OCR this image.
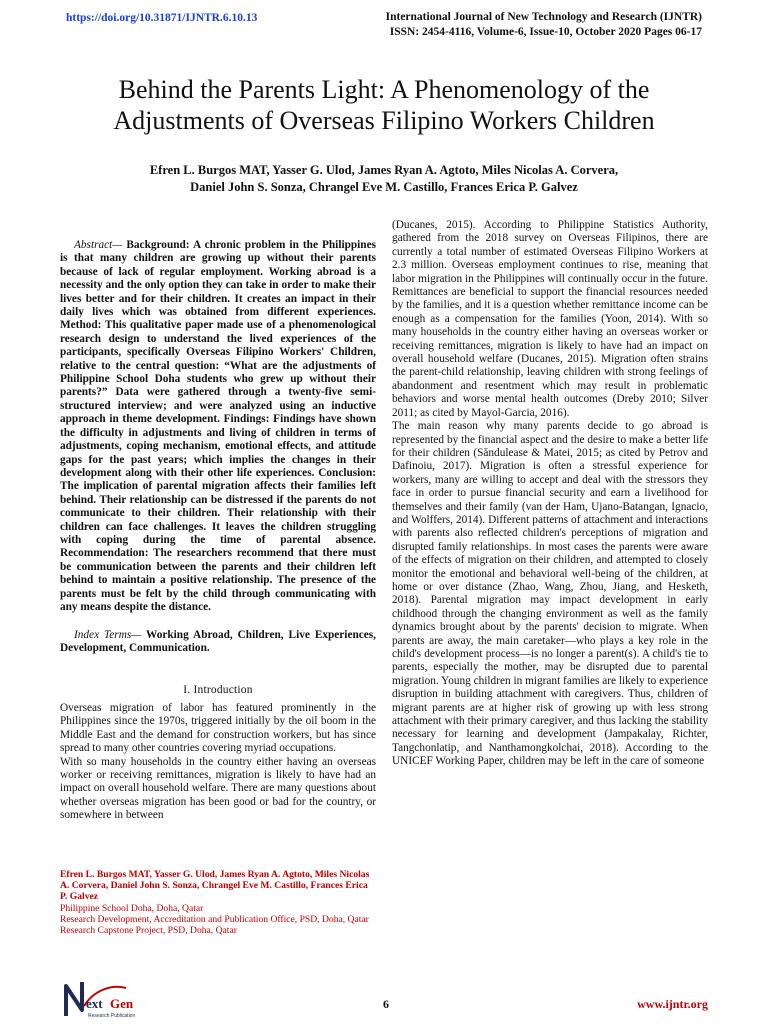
https://doi.org/10.31871/IJNTR.6.10.13	International Journal of New Technology and Research (IJNTR)
ISSN: 2454-4116, Volume-6, Issue-10, October 2020 Pages 06-17
Behind the Parents Light: A Phenomenology of the Adjustments of Overseas Filipino Workers Children
Efren L. Burgos MAT, Yasser G. Ulod, James Ryan A. Agtoto, Miles Nicolas A. Corvera,
Daniel John S. Sonza, Chrangel Eve M. Castillo, Frances Erica P. Galvez

Abstract— Background: A chronic problem in the Philippines is that many children are growing up without their parents because of lack of regular employment. Working abroad is a necessity and the only option they can take in order to make their lives better and for their children. It creates an impact in their daily lives which was obtained from different experiences. Method: This qualitative paper made use of a phenomenological research design to understand the lived experiences of the participants, specifically Overseas Filipino Workers' Children, relative to the central question: “What are the adjustments of Philippine School Doha students who grew up without their parents?” Data were gathered through a twenty-five semi-structured interview; and were analyzed using an inductive approach in theme development. Findings: Findings have shown the difficulty in adjustments and living of children in terms of adjustments, coping mechanism, emotional effects, and attitude gaps for the past years; which implies the changes in their development along with their other life experiences. Conclusion: The implication of parental migration affects their families left behind. Their relationship can be distressed if the parents do not communicate to their children. Their relationship with their children can face challenges. It leaves the children struggling with coping during the time of parental absence. Recommendation: The researchers recommend that there must be communication between the parents and their children left behind to maintain a positive relationship. The presence of the parents must be felt by the child through communicating with any means despite the distance.

Index Terms— Working Abroad, Children, Live Experiences, Development, Communication.

I. Introduction

Overseas migration of labor has featured prominently in the Philippines since the 1970s, triggered initially by the oil boom in the Middle East and the demand for construction workers, but has since spread to many other countries covering myriad occupations.

With so many households in the country either having an overseas worker or receiving remittances, migration is likely to have had an impact on overall household welfare. There are many questions about whether overseas migration has been good or bad for the country, or somewhere in between

(Ducanes, 2015). According to Philippine Statistics Authority, gathered from the 2018 survey on Overseas Filipinos, there are currently a total number of estimated Overseas Filipino Workers at 2.3 million. Overseas employment continues to rise, meaning that labor migration in the Philippines will continually occur in the future. Remittances are beneficial to support the financial resources needed by the families, and it is a question whether remittance income can be enough as a compensation for the families (Yoon, 2014). With so many households in the country either having an overseas worker or receiving remittances, migration is likely to have had an impact on overall household welfare (Ducanes, 2015). Migration often strains the parent-child relationship, leaving children with strong feelings of abandonment and resentment which may result in problematic behaviors and worse mental health outcomes (Dreby 2010; Silver 2011; as cited by Mayol-Garcia, 2016).

The main reason why many parents decide to go abroad is represented by the financial aspect and the desire to make a better life for their children (Săndulease & Matei, 2015; as cited by Petrov and Dafinoiu, 2017). Migration is often a stressful experience for workers, many are willing to accept and deal with the stressors they face in order to pursue financial security and earn a livelihood for themselves and their family (van der Ham, Ujano-Batangan, Ignacio, and Wolffers, 2014). Different patterns of attachment and interactions with parents also reflected children's perceptions of migration and disrupted family relationships. In most cases the parents were aware of the effects of migration on their children, and attempted to closely monitor the emotional and behavioral well-being of the children, at home or over distance (Zhao, Wang, Zhou, Jiang, and Hesketh, 2018). Parental migration may impact development in early childhood through the changing environment as well as the family dynamics brought about by the parents' decision to migrate. When parents are away, the main caretaker—who plays a key role in the child's development process—is no longer a parent(s). A child's tie to parents, especially the mother, may be disrupted due to parental migration. Young children in migrant families are likely to experience disruption in building attachment with caregivers. Thus, children of migrant parents are at higher risk of growing up with less strong attachment with their primary caregiver, and thus lacking the stability necessary for learning and development (Jampakalay, Richter, Tangchonlatip, and Nanthamongkolchai, 2018). According to the UNICEF Working Paper, children may be left in the care of someone

Efren L. Burgos MAT, Yasser G. Ulod, James Ryan A. Agtoto, Miles Nicolas A. Corvera, Daniel John S. Sonza, Chrangel Eve M. Castillo, Frances Erica P. Galvez
Philippine School Doha, Doha, Qatar
Research Development, Accreditation and Publication Office, PSD, Doha, Qatar
Research Capstone Project, PSD, Doha, Qatar
ext Gen
Research Publication
6	www.ijntr.org
